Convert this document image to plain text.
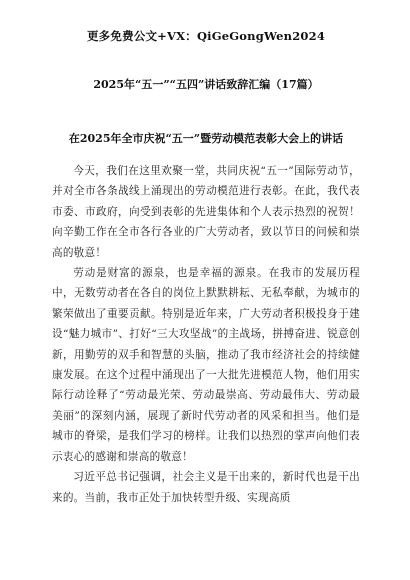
更多免费公文+VX：QiGeGongWen2024
2025年“五一”“五四”讲话致辞汇编（17篇）
在2025年全市庆祝“五一”暨劳动模范表彰大会上的讲话

今天，我们在这里欢聚一堂，共同庆祝“五一”国际劳动节，并对全市各条战线上涌现出的劳动模范进行表彰。在此，我代表市委、市政府，向受到表彰的先进集体和个人表示热烈的祝贺！向辛勤工作在全市各行各业的广大劳动者，致以节日的问候和崇高的敬意！

劳动是财富的源泉，也是幸福的源泉。在我市的发展历程中，无数劳动者在各自的岗位上默默耕耘、无私奉献，为城市的繁荣做出了重要贡献。特别是近年来，广大劳动者积极投身于建设“魅力城市”、打好“三大攻坚战”的主战场，拼搏奋进、锐意创新，用勤劳的双手和智慧的头脑，推动了我市经济社会的持续健康发展。在这个过程中涌现出了一大批先进模范人物，他们用实际行动诠释了“劳动最光荣、劳动最崇高、劳动最伟大、劳动最美丽”的深刻内涵，展现了新时代劳动者的风采和担当。他们是城市的脊梁，是我们学习的榜样。让我们以热烈的掌声向他们表示衷心的感谢和崇高的敬意！

习近平总书记强调，社会主义是干出来的，新时代也是干出来的。当前，我市正处于加快转型升级、实现高质
